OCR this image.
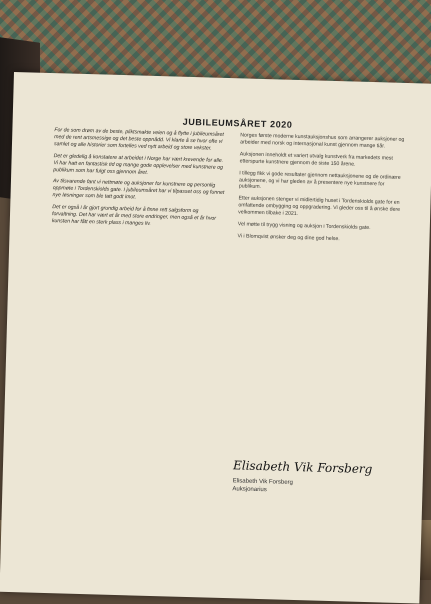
JUBILEUMSÅRET 2020

For de som drøm av de beste, pliktsmakte veien og å flytte i jubileumsåret med de rent artsmessige og det beste oppnådd. Vi klarte å se hvor ofte vi samlet og alle historier som fortelles ved nytt arbeid og store vekster.

Det er gledelig å konstatere at arbeidet i Norge har vært krevende for alle. Vi har hatt en fantastisk tid og mange gode opplevelser med kunstnere og publikum som har fulgt oss gjennom året.

Av tilsvarende fant vi nettmøte og auksjoner for kunstnere og personlig oppmøte i Tordenskiolds gate. I jubileumsåret har vi tilpasset oss og funnet nye løsninger som ble tatt godt imot.

Det er også i år gjort grundig arbeid for å finne rett salgsform og forvaltning. Det har vært et år med store endringer, men også et år hvor kunsten har fått en sterk plass i manges liv.

Norges første moderne kunstauksjonshus som arrangerer auksjoner og arbeider med norsk og internasjonal kunst gjennom mange tiår.

Auksjonen inneholdt et variert utvalg kunstverk fra markedets mest etterspurte kunstnere gjennom de siste 150 årene.

I tillegg fikk vi gode resultater gjennom nettauksjonene og de ordinære auksjonene, og vi har gleden av å presentere nye kunstnere for publikum.

Etter auksjonen stenger vi midlertidig huset i Tordenskiolds gate for en omfattende ombygging og oppgradering. Vi gleder oss til å ønske dere velkommen tilbake i 2021.

Vel møtte til trygg visning og auksjon i Tordenskiolds gate.

Vi i Blomqvist ønsker deg og dine god helse.

Elisabeth Vik Forsberg
Elisabeth Vik Forsberg
Auksjonarius
